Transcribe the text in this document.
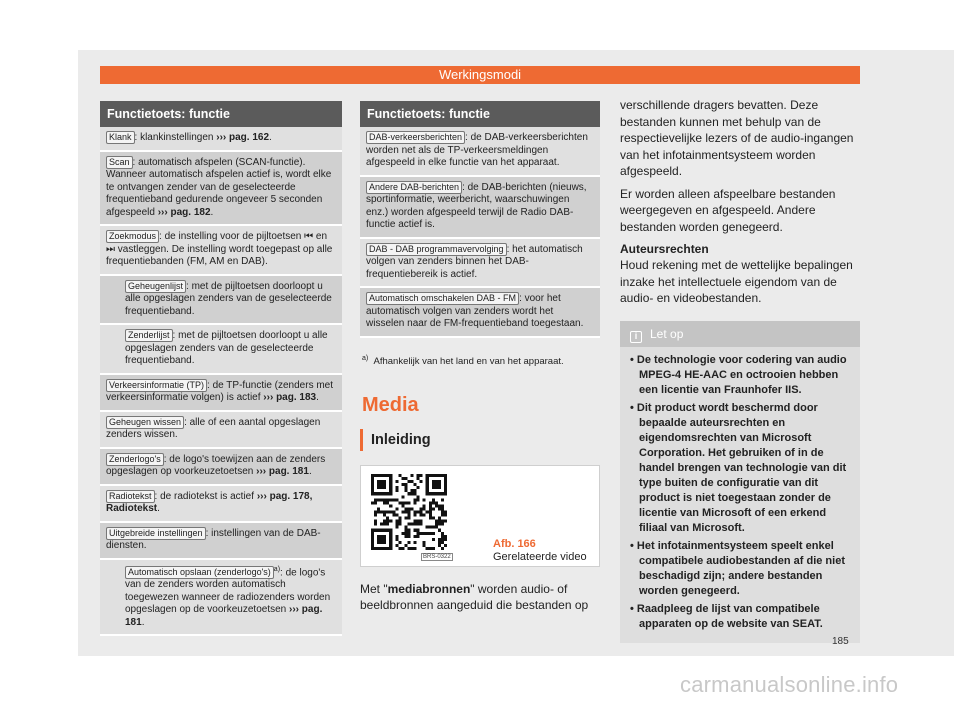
Werkingsmodi
Functietoets: functie
Klank : klankinstellingen ››› pag. 162.
Scan : automatisch afspelen (SCAN-functie). Wanneer automatisch afspelen actief is, wordt elke te ontvangen zender van de geselecteerde frequentieband gedurende ongeveer 5 seconden afgespeeld ››› pag. 182.
Zoekmodus : de instelling voor de pijltoetsen ⏮ en ⏭ vastleggen. De instelling wordt toegepast op alle frequentiebanden (FM, AM en DAB).
Geheugenlijst : met de pijltoetsen doorloopt u alle opgeslagen zenders van de geselecteerde frequentieband.
Zenderlijst : met de pijltoetsen doorloopt u alle opgeslagen zenders van de geselecteerde frequentieband.
Verkeersinformatie (TP) : de TP-functie (zenders met verkeersinformatie volgen) is actief ››› pag. 183.
Geheugen wissen : alle of een aantal opgeslagen zenders wissen.
Zenderlogo's : de logo's toewijzen aan de zenders opgeslagen op voorkeuzetoetsen ››› pag. 181.
Radiotekst : de radiotekst is actief ››› pag. 178, Radiotekst.
Uitgebreide instellingen : instellingen van de DAB-diensten.
Automatisch opslaan (zenderlogo's) $^{a)}$: de logo's van de zenders worden automatisch toegewezen wanneer de radiozenders worden opgeslagen op de voorkeuzetoetsen ››› pag. 181.
Functietoets: functie
DAB-verkeersberichten : de DAB-verkeersberichten worden net als de TP-verkeersmeldingen afgespeeld in elke functie van het apparaat.
Andere DAB-berichten : de DAB-berichten (nieuws, sportinformatie, weerbericht, waarschuwingen enz.) worden afgespeeld terwijl de Radio DAB-functie actief is.
DAB - DAB programmavervolging : het automatisch volgen van zenders binnen het DAB-frequentiebereik is actief.
Automatisch omschakelen DAB - FM : voor het automatisch volgen van zenders wordt het wisselen naar de FM-frequentieband toegestaan.
$^{a)}$ Afhankelijk van het land en van het apparaat.
Media
Inleiding
BRS-0322
Afb. 166  Gerelateerde video
Met "mediabronnen" worden audio- of beeldbronnen aangeduid die bestanden op
verschillende dragers bevatten. Deze bestanden kunnen met behulp van de respectievelijke lezers of de audio-ingangen van het infotainmentsysteem worden afgespeeld.
Er worden alleen afspeelbare bestanden weergegeven en afgespeeld. Andere bestanden worden genegeerd.
Auteursrechten
Houd rekening met de wettelijke bepalingen inzake het intellectuele eigendom van de audio- en videobestanden.
i Let op
• De technologie voor codering van audio MPEG-4 HE-AAC en octrooien hebben een licentie van Fraunhofer IIS.
• Dit product wordt beschermd door bepaalde auteursrechten en eigendomsrechten van Microsoft Corporation. Het gebruiken of in de handel brengen van technologie van dit type buiten de configuratie van dit product is niet toegestaan zonder de licentie van Microsoft of een erkend filiaal van Microsoft.
• Het infotainmentsysteem speelt enkel compatibele audiobestanden af die niet beschadigd zijn; andere bestanden worden genegeerd.
• Raadpleeg de lijst van compatibele apparaten op de website van SEAT.
185
carmanualsonline.info
